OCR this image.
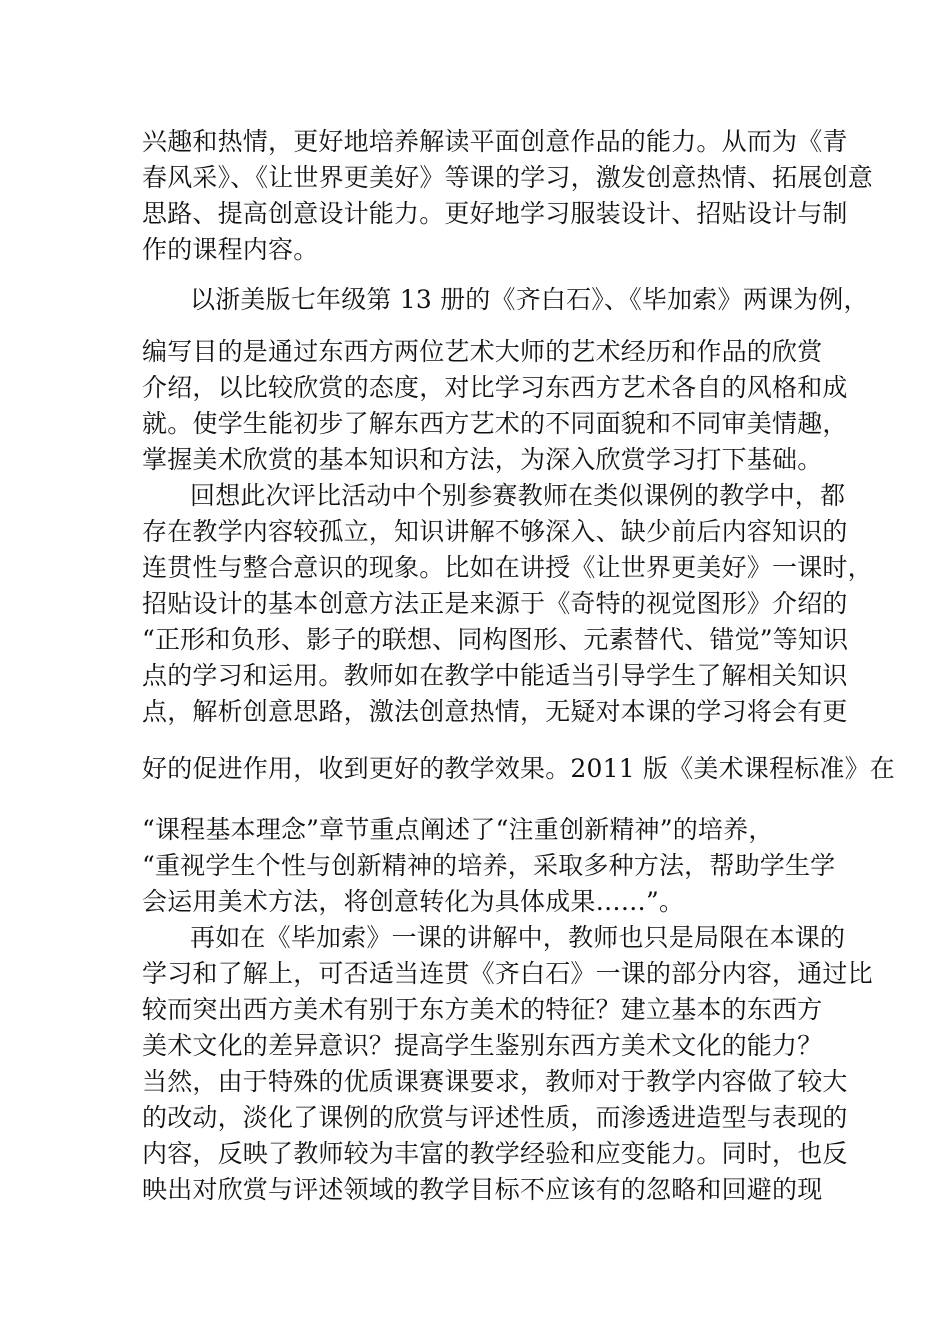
兴趣和热情，更好地培养解读平面创意作品的能力。从而为《青
春风采》、《让世界更美好》等课的学习，激发创意热情、拓展创意
思路、提高创意设计能力。更好地学习服装设计、招贴设计与制
作的课程内容。
以浙美版七年级第 13 册的《齐白石》、《毕加索》两课为例，
编写目的是通过东西方两位艺术大师的艺术经历和作品的欣赏
介绍，以比较欣赏的态度，对比学习东西方艺术各自的风格和成
就。使学生能初步了解东西方艺术的不同面貌和不同审美情趣，
掌握美术欣赏的基本知识和方法，为深入欣赏学习打下基础。
回想此次评比活动中个别参赛教师在类似课例的教学中，都
存在教学内容较孤立，知识讲解不够深入、缺少前后内容知识的
连贯性与整合意识的现象。比如在讲授《让世界更美好》一课时，
招贴设计的基本创意方法正是来源于《奇特的视觉图形》介绍的
“正形和负形、影子的联想、同构图形、元素替代、错觉”等知识
点的学习和运用。教师如在教学中能适当引导学生了解相关知识
点，解析创意思路，激法创意热情，无疑对本课的学习将会有更
好的促进作用，收到更好的教学效果。2011 版《美术课程标准》在
“课程基本理念”章节重点阐述了“注重创新精神”的培养，
“重视学生个性与创新精神的培养，采取多种方法，帮助学生学
会运用美术方法，将创意转化为具体成果……”。
再如在《毕加索》一课的讲解中，教师也只是局限在本课的
学习和了解上，可否适当连贯《齐白石》一课的部分内容，通过比
较而突出西方美术有别于东方美术的特征？建立基本的东西方
美术文化的差异意识？提高学生鉴别东西方美术文化的能力？
当然，由于特殊的优质课赛课要求，教师对于教学内容做了较大
的改动，淡化了课例的欣赏与评述性质，而渗透进造型与表现的
内容，反映了教师较为丰富的教学经验和应变能力。同时，也反
映出对欣赏与评述领域的教学目标不应该有的忽略和回避的现
